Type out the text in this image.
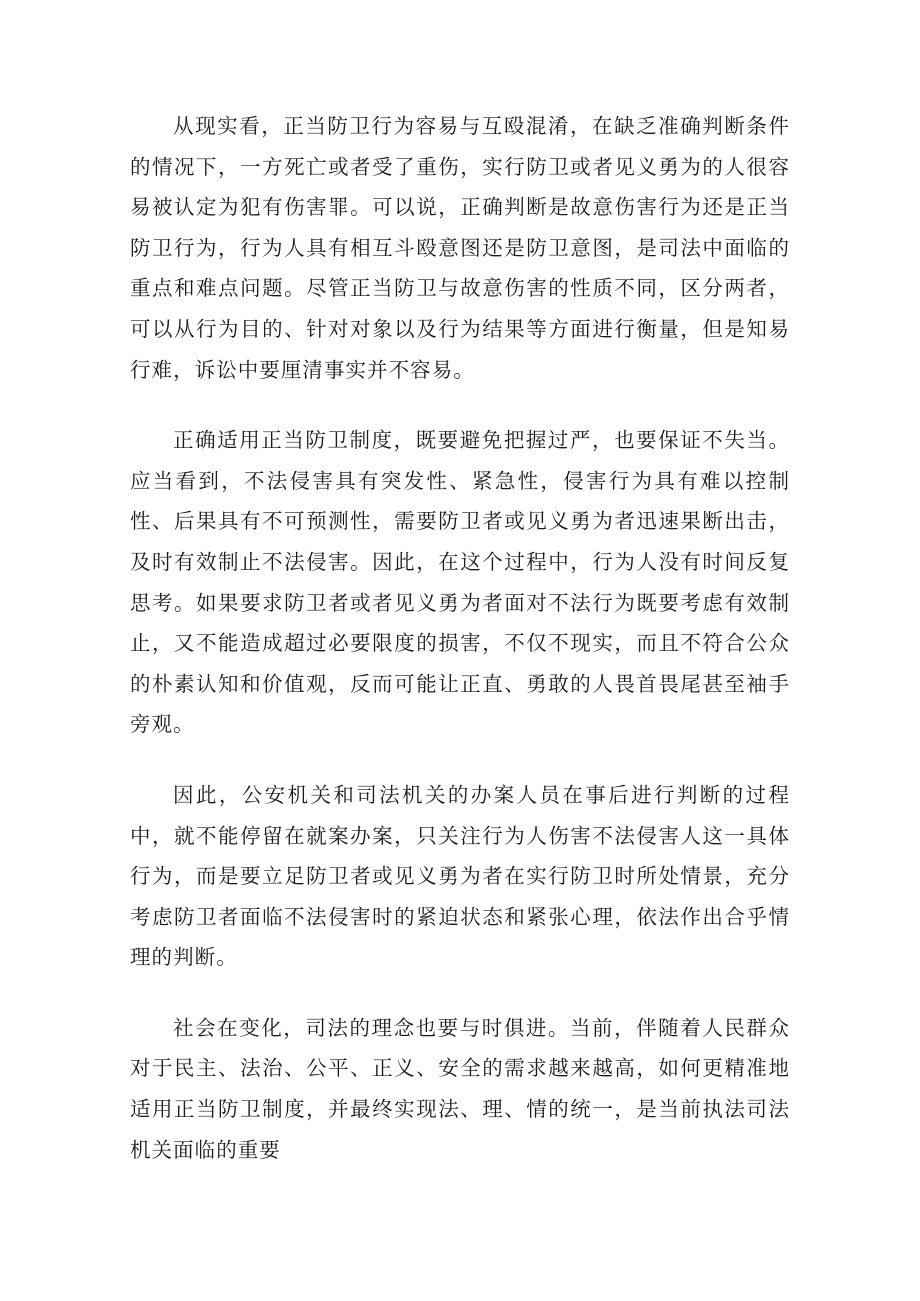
从现实看，正当防卫行为容易与互殴混淆，在缺乏准确判断条件的情况下，一方死亡或者受了重伤，实行防卫或者见义勇为的人很容易被认定为犯有伤害罪。可以说，正确判断是故意伤害行为还是正当防卫行为，行为人具有相互斗殴意图还是防卫意图，是司法中面临的重点和难点问题。尽管正当防卫与故意伤害的性质不同，区分两者，可以从行为目的、针对对象以及行为结果等方面进行衡量，但是知易行难，诉讼中要厘清事实并不容易。

正确适用正当防卫制度，既要避免把握过严，也要保证不失当。应当看到，不法侵害具有突发性、紧急性，侵害行为具有难以控制性、后果具有不可预测性，需要防卫者或见义勇为者迅速果断出击，及时有效制止不法侵害。因此，在这个过程中，行为人没有时间反复思考。如果要求防卫者或者见义勇为者面对不法行为既要考虑有效制止，又不能造成超过必要限度的损害，不仅不现实，而且不符合公众的朴素认知和价值观，反而可能让正直、勇敢的人畏首畏尾甚至袖手旁观。

因此，公安机关和司法机关的办案人员在事后进行判断的过程中，就不能停留在就案办案，只关注行为人伤害不法侵害人这一具体行为，而是要立足防卫者或见义勇为者在实行防卫时所处情景，充分考虑防卫者面临不法侵害时的紧迫状态和紧张心理，依法作出合乎情理的判断。

社会在变化，司法的理念也要与时俱进。当前，伴随着人民群众对于民主、法治、公平、正义、安全的需求越来越高，如何更精准地适用正当防卫制度，并最终实现法、理、情的统一，是当前执法司法机关面临的重要
